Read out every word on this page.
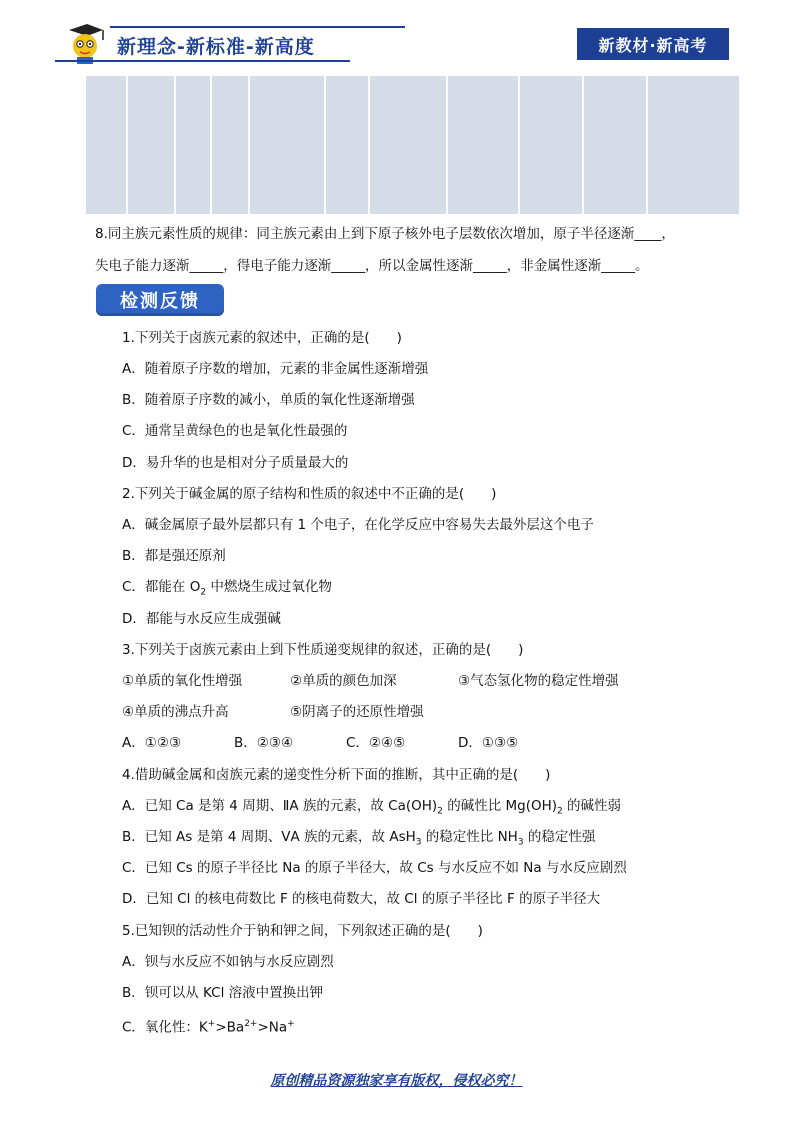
新理念-新标准-新高度	新教材·新高考
8.同主族元素性质的规律：同主族元素由上到下原子核外电子层数依次增加，原子半径逐渐____，
失电子能力逐渐_____，得电子能力逐渐_____，所以金属性逐渐_____，非金属性逐渐_____。
检测反馈
1.下列关于卤族元素的叙述中，正确的是(　　)
A．随着原子序数的增加，元素的非金属性逐渐增强
B．随着原子序数的减小，单质的氧化性逐渐增强
C．通常呈黄绿色的也是氧化性最强的
D．易升华的也是相对分子质量最大的
2.下列关于碱金属的原子结构和性质的叙述中不正确的是(　　)
A．碱金属原子最外层都只有 1 个电子，在化学反应中容易失去最外层这个电子
B．都是强还原剂
C．都能在 $O_2$ 中燃烧生成过氧化物
D．都能与水反应生成强碱
3.下列关于卤族元素由上到下性质递变规律的叙述，正确的是(　　)
①单质的氧化性增强	②单质的颜色加深	③气态氢化物的稳定性增强
④单质的沸点升高	⑤阴离子的还原性增强
A．①②③	B．②③④	C．②④⑤	D．①③⑤
4.借助碱金属和卤族元素的递变性分析下面的推断，其中正确的是(　　)
A．已知 Ca 是第 4 周期、ⅡA 族的元素，故 $Ca(OH)_2$ 的碱性比 $Mg(OH)_2$ 的碱性弱
B．已知 As 是第 4 周期、ⅤA 族的元素，故 AsH$_3$ 的稳定性比 $NH_3$ 的稳定性强
C．已知 Cs 的原子半径比 Na 的原子半径大，故 Cs 与水反应不如 Na 与水反应剧烈
D．已知 Cl 的核电荷数比 F 的核电荷数大，故 Cl 的原子半径比 F 的原子半径大
5.已知钡的活动性介于钠和钾之间，下列叙述正确的是(　　)
A．钡与水反应不如钠与水反应剧烈
B．钡可以从 KCl 溶液中置换出钾
C．氧化性：$K^+>Ba^{2+}>Na^+$
原创精品资源独家享有版权，侵权必究！
